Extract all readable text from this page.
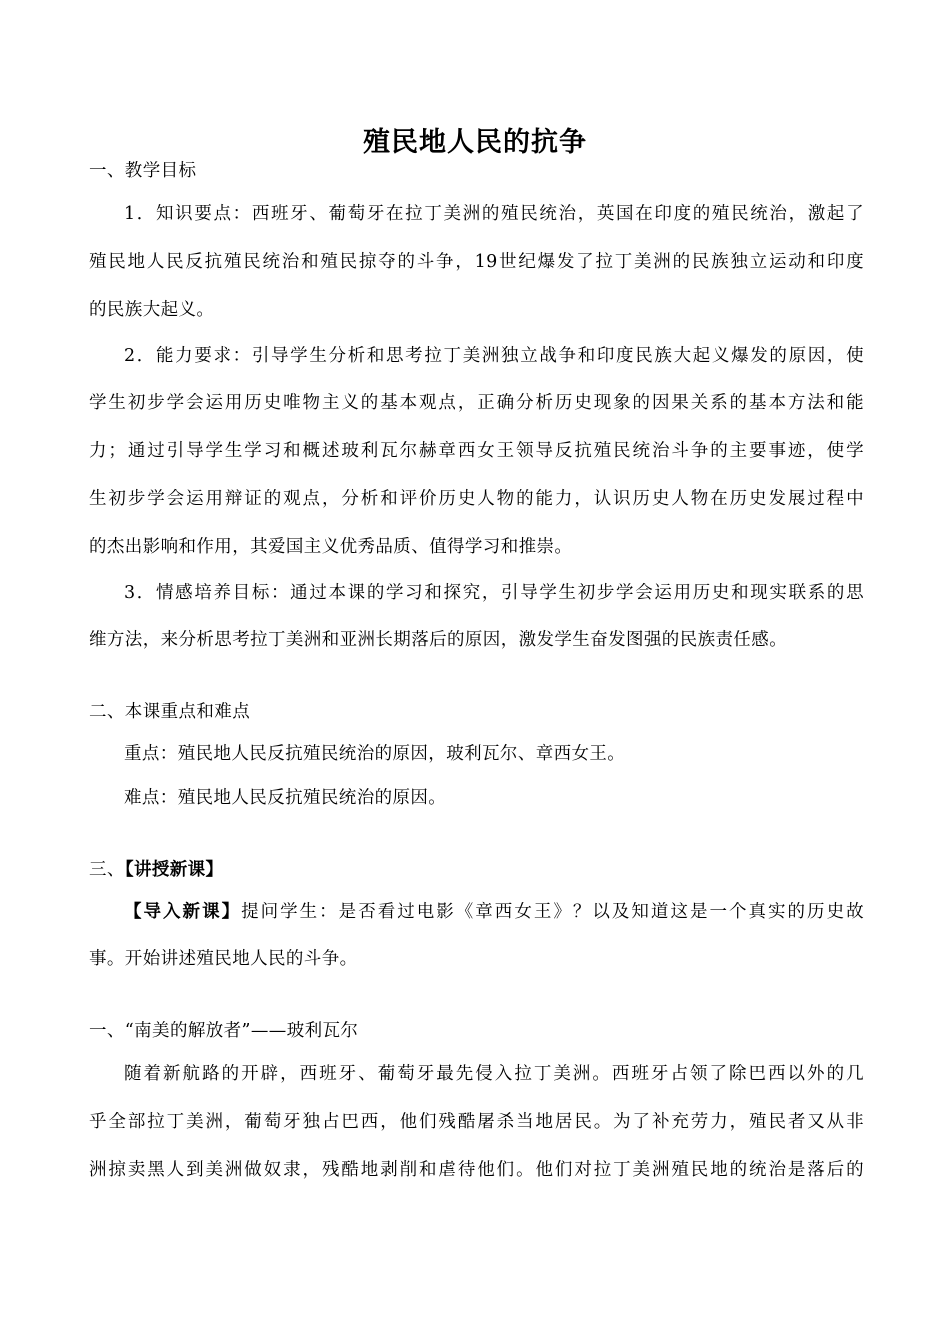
殖民地人民的抗争
一、教学目标
1．知识要点：西班牙、葡萄牙在拉丁美洲的殖民统治，英国在印度的殖民统治，激起了
殖民地人民反抗殖民统治和殖民掠夺的斗争，19世纪爆发了拉丁美洲的民族独立运动和印度
的民族大起义。
2．能力要求：引导学生分析和思考拉丁美洲独立战争和印度民族大起义爆发的原因，使
学生初步学会运用历史唯物主义的基本观点，正确分析历史现象的因果关系的基本方法和能
力；通过引导学生学习和概述玻利瓦尔赫章西女王领导反抗殖民统治斗争的主要事迹，使学
生初步学会运用辩证的观点，分析和评价历史人物的能力，认识历史人物在历史发展过程中
的杰出影响和作用，其爱国主义优秀品质、值得学习和推崇。
3．情感培养目标：通过本课的学习和探究，引导学生初步学会运用历史和现实联系的思
维方法，来分析思考拉丁美洲和亚洲长期落后的原因，激发学生奋发图强的民族责任感。
二、本课重点和难点
重点：殖民地人民反抗殖民统治的原因，玻利瓦尔、章西女王。
难点：殖民地人民反抗殖民统治的原因。
三、【讲授新课】
【导入新课】提问学生：是否看过电影《章西女王》？以及知道这是一个真实的历史故
事。开始讲述殖民地人民的斗争。
一、“南美的解放者”——玻利瓦尔
随着新航路的开辟，西班牙、葡萄牙最先侵入拉丁美洲。西班牙占领了除巴西以外的几
乎全部拉丁美洲，葡萄牙独占巴西，他们残酷屠杀当地居民。为了补充劳力，殖民者又从非
洲掠卖黑人到美洲做奴隶，残酷地剥削和虐待他们。他们对拉丁美洲殖民地的统治是落后的
